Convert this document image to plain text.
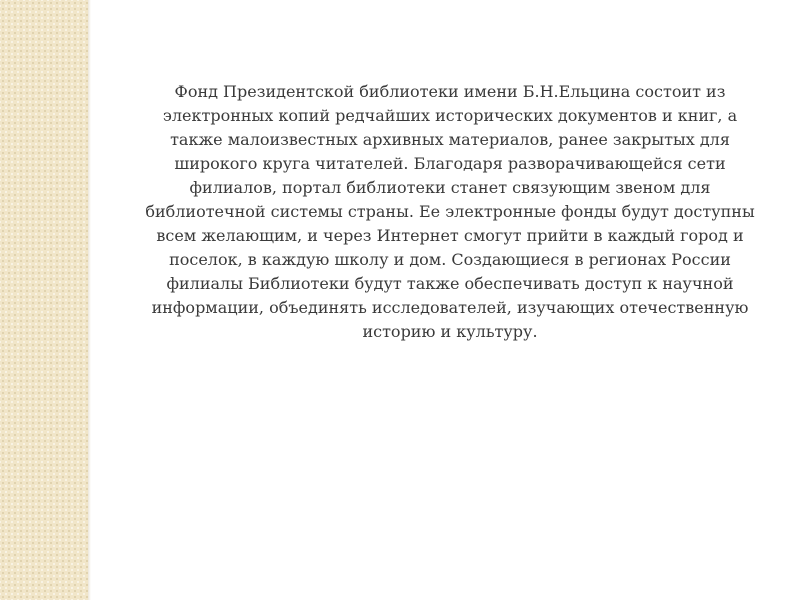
Фонд Президентской библиотеки имени Б.Н.Ельцина состоит из электронных копий редчайших исторических документов и книг, а также малоизвестных архивных материалов, ранее закрытых для широкого круга читателей. Благодаря разворачивающейся сети филиалов, портал библиотеки станет связующим звеном для библиотечной системы страны. Ее электронные фонды будут доступны всем желающим, и через Интернет смогут прийти в каждый город и поселок, в каждую школу и дом. Создающиеся в регионах России филиалы Библиотеки будут также обеспечивать доступ к научной информации, объединять исследователей, изучающих отечественную историю и культуру.
